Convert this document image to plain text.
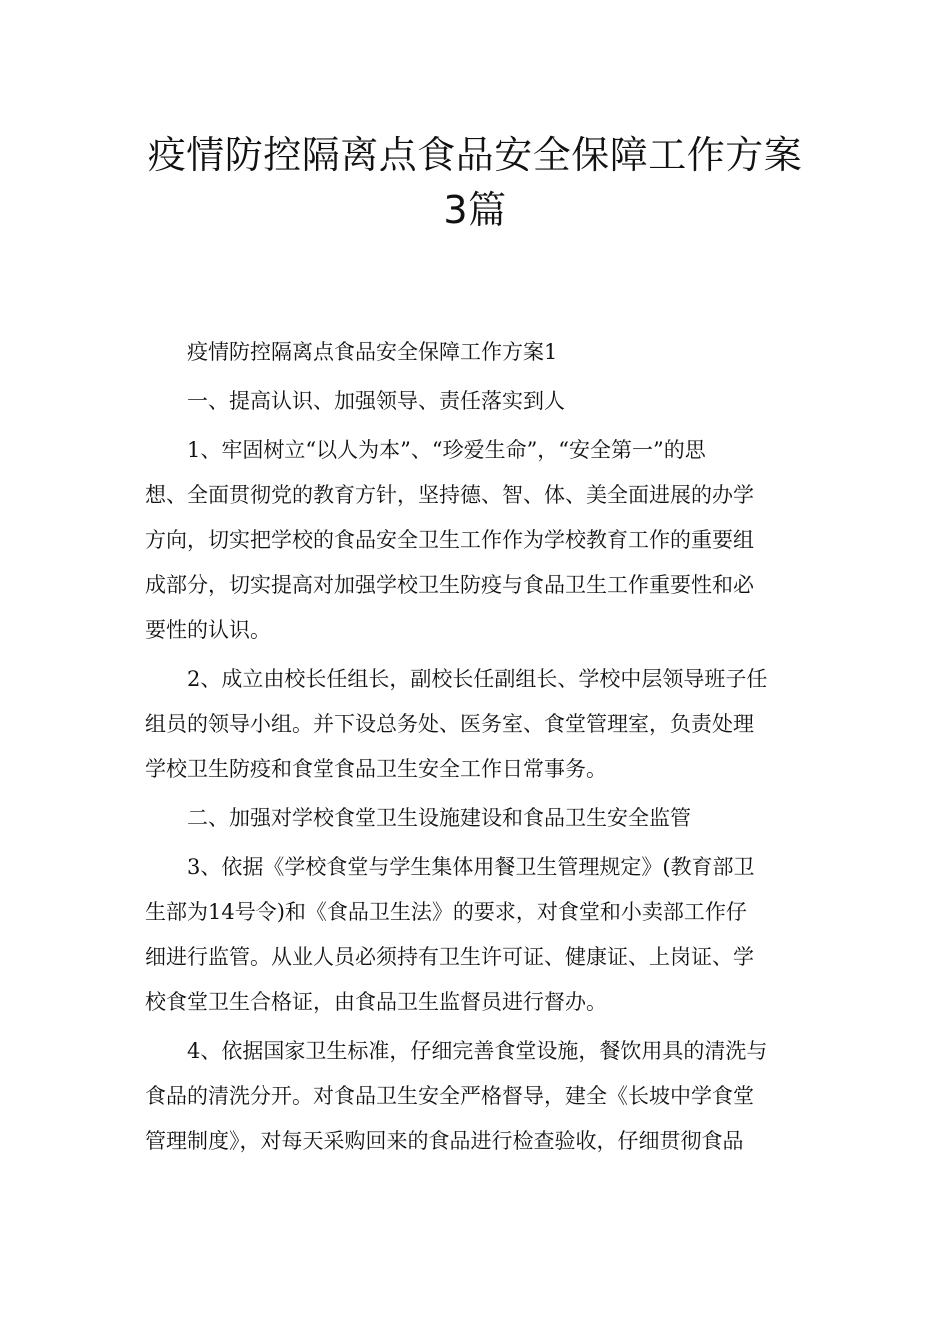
疫情防控隔离点食品安全保障工作方案
3篇
疫情防控隔离点食品安全保障工作方案1
一、提高认识、加强领导、责任落实到人
1、牢固树立“以人为本”、“珍爱生命”，“安全第一”的思
想、全面贯彻党的教育方针，坚持德、智、体、美全面进展的办学
方向，切实把学校的食品安全卫生工作作为学校教育工作的重要组
成部分，切实提高对加强学校卫生防疫与食品卫生工作重要性和必
要性的认识。
2、成立由校长任组长，副校长任副组长、学校中层领导班子任
组员的领导小组。并下设总务处、医务室、食堂管理室，负责处理
学校卫生防疫和食堂食品卫生安全工作日常事务。
二、加强对学校食堂卫生设施建设和食品卫生安全监管
3、依据《学校食堂与学生集体用餐卫生管理规定》(教育部卫
生部为14号令)和《食品卫生法》的要求，对食堂和小卖部工作仔
细进行监管。从业人员必须持有卫生许可证、健康证、上岗证、学
校食堂卫生合格证，由食品卫生监督员进行督办。
4、依据国家卫生标准，仔细完善食堂设施，餐饮用具的清洗与
食品的清洗分开。对食品卫生安全严格督导，建全《长坡中学食堂
管理制度》，对每天采购回来的食品进行检查验收，仔细贯彻食品
